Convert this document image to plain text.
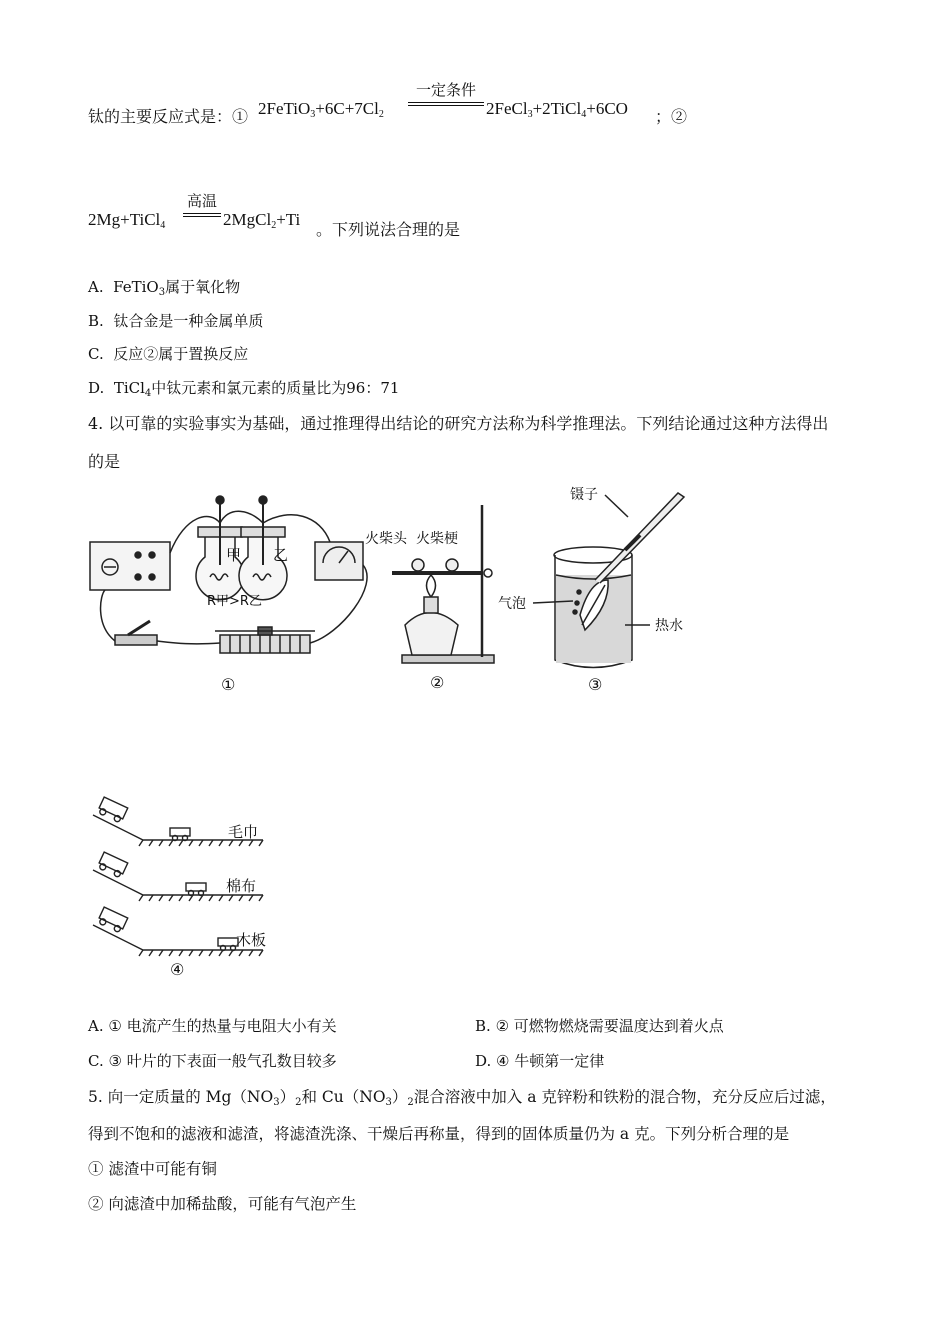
钛的主要反应式是：① $2FeTiO_3+6C+7Cl_2$
一定条件
2FeCl$_3$+2TiCl$_4$+6CO ；②
2Mg+TiCl$_4$
高温
2MgCl$_2$+Ti
。下列说法合理的是
A. FeTiO$_3$属于氧化物
B. 钛合金是一种金属单质
C. 反应②属于置换反应
D. TiCl$_4$中钛元素和氯元素的质量比为96：71
4. 以可靠的实验事实为基础，通过推理得出结论的研究方法称为科学推理法。下列结论通过这种方法得出
的是
甲 乙
R甲>R乙
①
火柴头 火柴梗
②
镊子
气泡
热水
③
毛巾
棉布
木板
④
A. ① 电流产生的热量与电阻大小有关	B. ② 可燃物燃烧需要温度达到着火点
C. ③ 叶片的下表面一般气孔数目较多	D. ④ 牛顿第一定律
5. 向一定质量的 $Mg(NO_3)_2$和 $Cu(NO_3)_2$混合溶液中加入 a 克锌粉和铁粉的混合物，充分反应后过滤，
得到不饱和的滤液和滤渣，将滤渣洗涤、干燥后再称量，得到的固体质量仍为 a 克。下列分析合理的是
① 滤渣中可能有铜
② 向滤渣中加稀盐酸，可能有气泡产生
